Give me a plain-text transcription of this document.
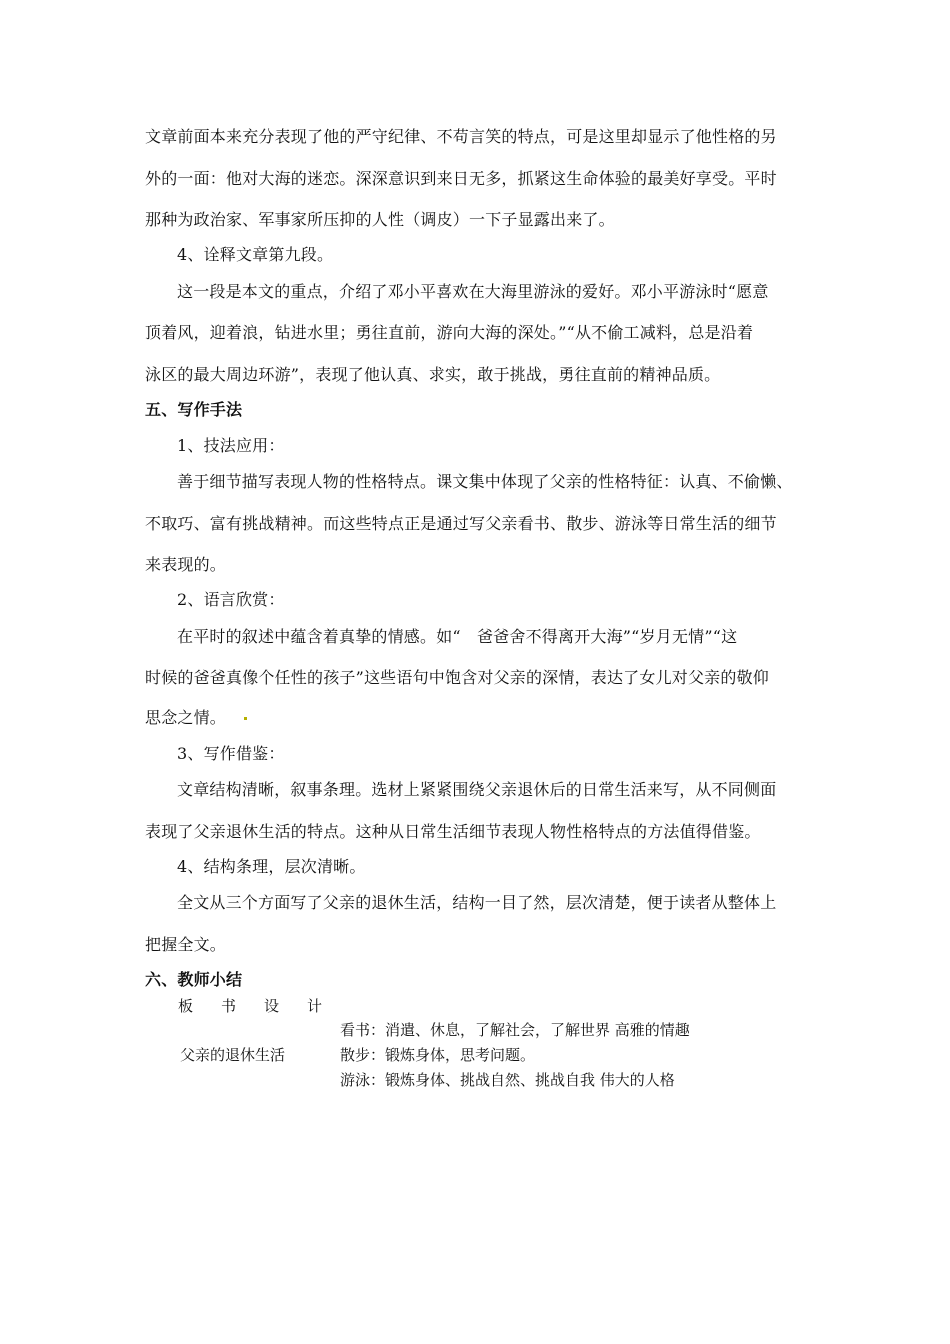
文章前面本来充分表现了他的严守纪律、不苟言笑的特点，可是这里却显示了他性格的另
外的一面：他对大海的迷恋。深深意识到来日无多，抓紧这生命体验的最美好享受。平时
那种为政治家、军事家所压抑的人性（调皮）一下子显露出来了。
4、诠释文章第九段。
这一段是本文的重点，介绍了邓小平喜欢在大海里游泳的爱好。邓小平游泳时“愿意
顶着风，迎着浪，钻进水里；勇往直前，游向大海的深处。”“从不偷工减料，总是沿着
泳区的最大周边环游”，表现了他认真、求实，敢于挑战，勇往直前的精神品质。
五、写作手法
1、技法应用：
善于细节描写表现人物的性格特点。课文集中体现了父亲的性格特征：认真、不偷懒、
不取巧、富有挑战精神。而这些特点正是通过写父亲看书、散步、游泳等日常生活的细节
来表现的。
2、语言欣赏：
在平时的叙述中蕴含着真挚的情感。如“　爸爸舍不得离开大海”“岁月无情”“这
时候的爸爸真像个任性的孩子”这些语句中饱含对父亲的深情，表达了女儿对父亲的敬仰
思念之情。
3、写作借鉴：
文章结构清晰，叙事条理。选材上紧紧围绕父亲退休后的日常生活来写，从不同侧面
表现了父亲退休生活的特点。这种从日常生活细节表现人物性格特点的方法值得借鉴。
4、结构条理，层次清晰。
全文从三个方面写了父亲的退休生活，结构一目了然，层次清楚，便于读者从整体上
把握全文。
六、教师小结
板 书 设 计
父亲的退休生活
看书：消遣、休息，了解社会，了解世界 高雅的情趣
散步：锻炼身体，思考问题。
游泳：锻炼身体、挑战自然、挑战自我 伟大的人格
